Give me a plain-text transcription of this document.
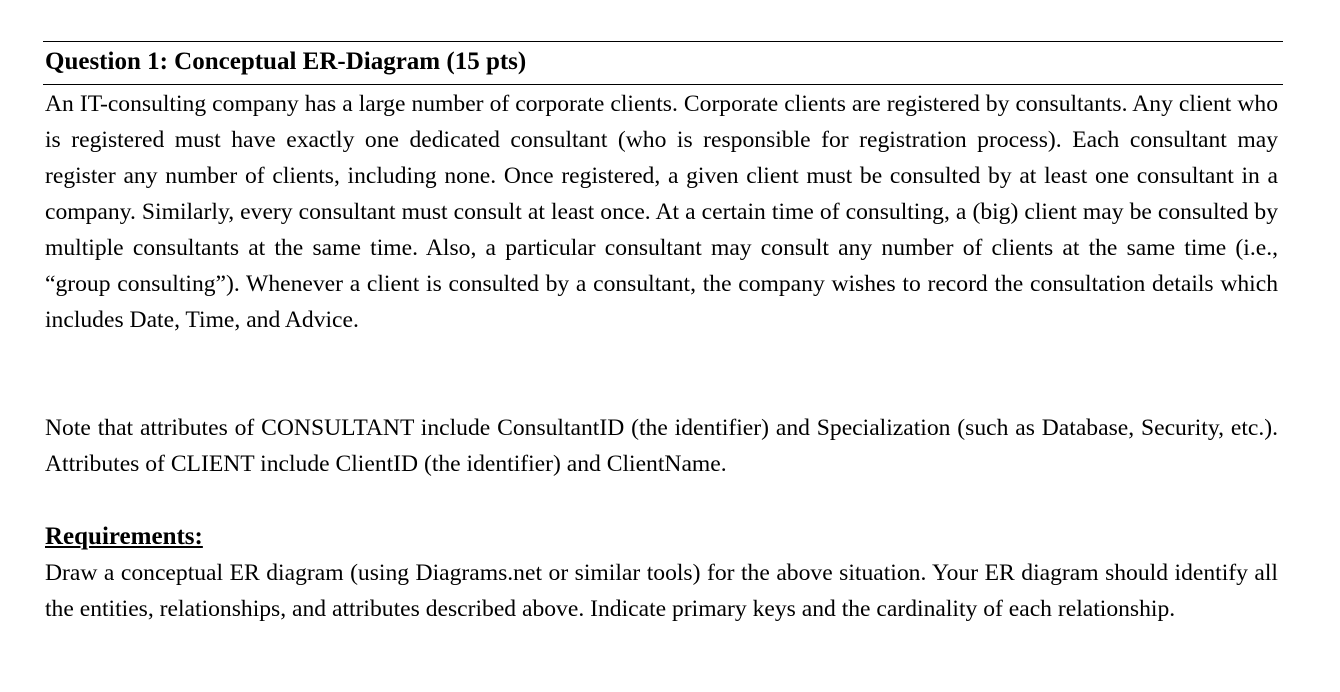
Question 1: Conceptual ER-Diagram (15 pts)

An IT-consulting company has a large number of corporate clients. Corporate clients are registered by consultants. Any client who is registered must have exactly one dedicated consultant (who is responsible for registration process). Each consultant may register any number of clients, including none. Once registered, a given client must be consulted by at least one consultant in a company. Similarly, every consultant must consult at least once. At a certain time of consulting, a (big) client may be consulted by multiple consultants at the same time. Also, a particular consultant may consult any number of clients at the same time (i.e., “group consulting”). Whenever a client is consulted by a consultant, the company wishes to record the consultation details which includes Date, Time, and Advice.

Note that attributes of CONSULTANT include ConsultantID (the identifier) and Specialization (such as Database, Security, etc.). Attributes of CLIENT include ClientID (the identifier) and ClientName.

Requirements:

Draw a conceptual ER diagram (using Diagrams.net or similar tools) for the above situation. Your ER diagram should identify all the entities, relationships, and attributes described above. Indicate primary keys and the cardinality of each relationship.
